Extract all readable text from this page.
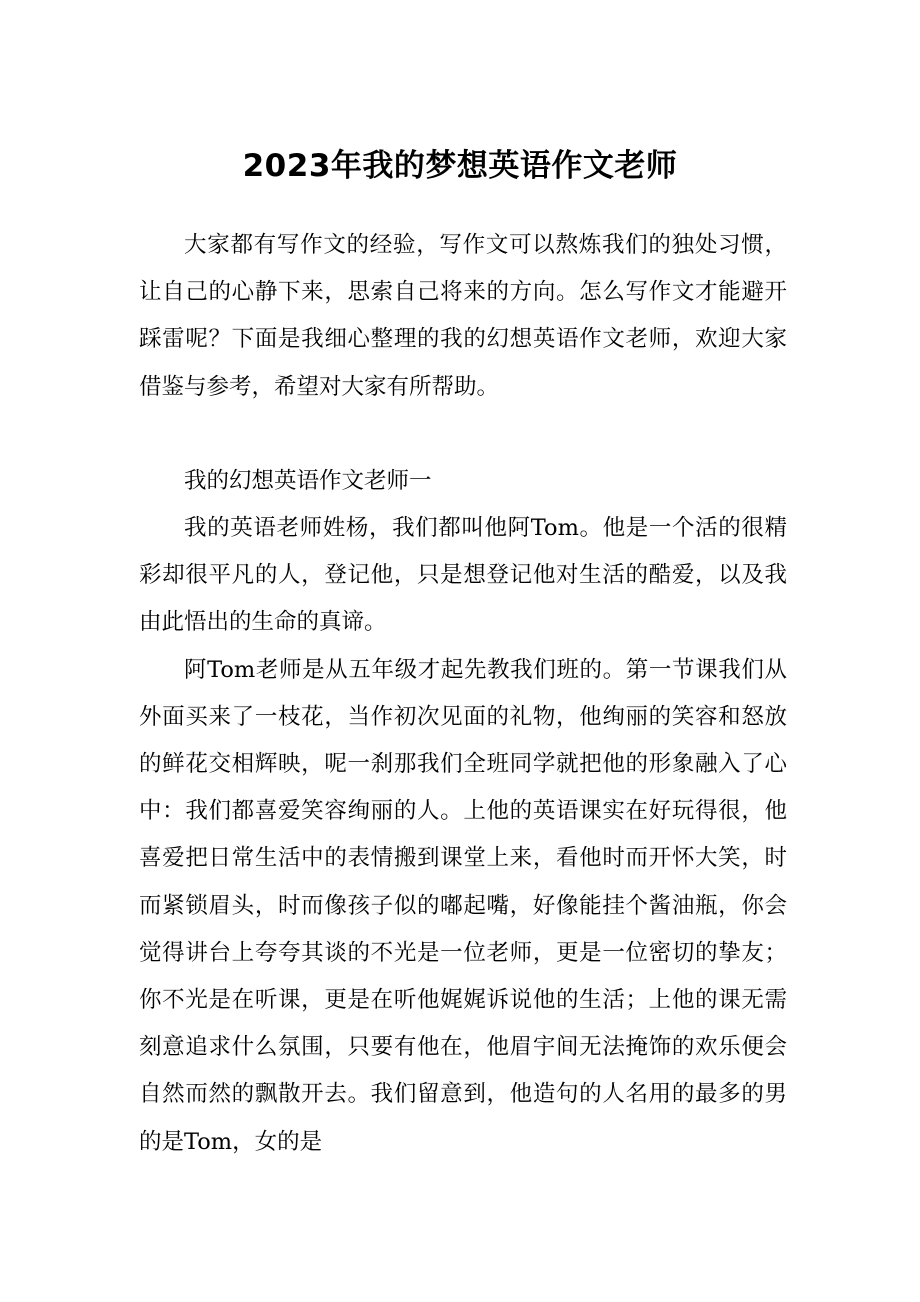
2023年我的梦想英语作文老师

大家都有写作文的经验，写作文可以熬炼我们的独处习惯，让自己的心静下来，思索自己将来的方向。怎么写作文才能避开踩雷呢？下面是我细心整理的我的幻想英语作文老师，欢迎大家借鉴与参考，希望对大家有所帮助。

我的幻想英语作文老师一

我的英语老师姓杨，我们都叫他阿Tom。他是一个活的很精彩却很平凡的人，登记他，只是想登记他对生活的酷爱，以及我由此悟出的生命的真谛。

阿Tom老师是从五年级才起先教我们班的。第一节课我们从外面买来了一枝花，当作初次见面的礼物，他绚丽的笑容和怒放的鲜花交相辉映，呢一刹那我们全班同学就把他的形象融入了心中：我们都喜爱笑容绚丽的人。上他的英语课实在好玩得很，他喜爱把日常生活中的表情搬到课堂上来，看他时而开怀大笑，时而紧锁眉头，时而像孩子似的嘟起嘴，好像能挂个酱油瓶，你会觉得讲台上夸夸其谈的不光是一位老师，更是一位密切的挚友；你不光是在听课，更是在听他娓娓诉说他的生活；上他的课无需刻意追求什么氛围，只要有他在，他眉宇间无法掩饰的欢乐便会自然而然的飘散开去。我们留意到，他造句的人名用的最多的男的是Tom，女的是
